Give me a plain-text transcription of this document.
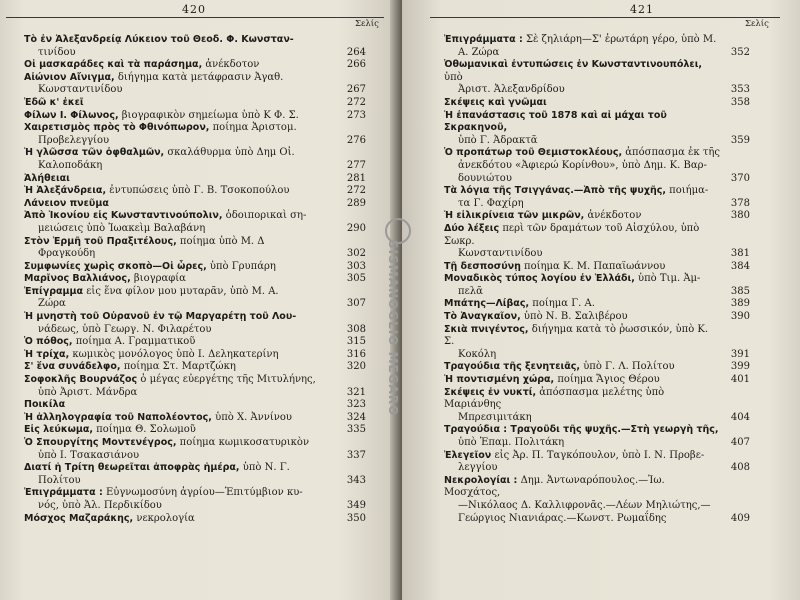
420
Σελίς
Τὸ ἐν Ἀλεξανδρείᾳ Λύκειον τοῦ Θεοδ. Φ. Κωνσταν-
τινίδου	264
Οἱ μασκαράδες καὶ τὰ παράσημα, ἀνέκδοτον	266
Αἰώνιον Αἴνιγμα, διήγημα κατὰ μετάφρασιν Ἀγαθ.
Κωνσταντινίδου	267
Ἐδῶ κ' ἐκεῖ	272
Φίλων Ι. Φίλωνος, βιογραφικὸν σημείωμα ὑπὸ Κ Φ. Σ.	273
Χαιρετισμὸς πρὸς τὸ Φθινόπωρον, ποίημα Ἀριστομ.
Προβελεγγίου	276
Ἡ γλῶσσα τῶν ὀφθαλμῶν, σκαλάθυρμα ὑπὸ Δημ Οἰ.
Καλοποδάκη	277
Ἀλήθειαι	281
Ἡ Ἀλεξάνδρεια, ἐντυπώσεις ὑπὸ Γ. Β. Τσοκοπούλου	272
Λάνειον πνεῦμα	289
Ἀπὸ Ἰκονίου εἰς Κωνσταντινούπολιν, ὁδοιπορικαὶ ση-
μειώσεις ὑπὸ Ἰωακεὶμ Βαλαβάνη	290
Στὸν Ἑρμῆ τοῦ Πραξιτέλους, ποίημα ὑπὸ Μ. Δ
Φραγκούδη	302
Συμφωνίες χωρὶς σκοπὸ—Οἱ ὧρες, ὑπὸ Γρυπάρη	303
Μαρῖνος Βαλλιάνος, βιογραφία	305
Ἐπίγραμμα εἰς ἕνα φίλον μου μυταρᾶν, ὑπὸ Μ. Α.
Ζώρα	307
Ἡ μνηστὴ τοῦ Οὐρανοῦ ἐν τῷ Μαργαρέτῃ τοῦ Λου-
νάδεως, ὑπὸ Γεωργ. Ν. Φιλαρέτου	308
Ὁ πόθος, ποίημα Α. Γραμματικοῦ	315
Ἡ τρίχα, κωμικὸς μονόλογος ὑπὸ Ι. Δεληκατερίνη	316
Σ' ἕνα συνάδελφο, ποίημα Στ. Μαρτζώκη	320
Σοφοκλῆς Βουρνάζος ὁ μέγας εὐεργέτης τῆς Μιτυλήνης,
ὑπὸ Ἀριστ. Μάνδρα	321
Ποικίλα	323
Ἡ ἀλληλογραφία τοῦ Ναπολέοντος, ὑπὸ Χ. Ἀννίνου	324
Εἰς λεύκωμα, ποίημα Θ. Σολωμοῦ	335
Ὁ Σπουργίτης Μοντενέγρος, ποίημα κωμικοσατυρικὸν
ὑπὸ Ι. Τσακασιάνου	337
Διατί ἡ Τρίτη θεωρεῖται ἀποφρὰς ἡμέρα, ὑπὸ Ν. Γ.
Πολίτου	343
Ἐπιγράμματα : Εὐγνωμοσύνη ἀγρίου—Ἐπιτύμβιον κυ-
νός, ὑπὸ Ἀλ. Περδικίδου	349
Μόσχος Μαζαράκης, νεκρολογία	350
421
Σελίς
Ἐπιγράμματα : Σὲ ζηλιάρη—Σ' ἐρωτάρη γέρο, ὑπὸ Μ.
Α. Ζώρα	352
Ὀθωμανικαὶ ἐντυπώσεις ἐν Κωνσταντινουπόλει, ὑπὸ
Ἀριστ. Ἀλεξανδρίδου	353
Σκέψεις καὶ γνῶμαι	358
Ἡ ἐπανάστασις τοῦ 1878 καὶ αἱ μάχαι τοῦ Σκρακηνοῦ,
ὑπὸ Γ. Ἀδρακτᾶ	359
Ὁ προπάτωρ τοῦ Θεμιστοκλέους, ἀπόσπασμα ἐκ τῆς
ἀνεκδότου «Ἀφιερώ Κορίνθου», ὑπὸ Δημ. Κ. Βαρ-
δουνιώτου	370
Τὰ λόγια τῆς Τσιγγάνας.—Ἀπὸ τῆς ψυχῆς, ποιήμα-
τα Γ. Φαχίρη	378
Ἡ εἰλικρίνεια τῶν μικρῶν, ἀνέκδοτον	380
Δύο λέξεις περὶ τῶν δραμάτων τοῦ Αἰσχύλου, ὑπὸ Σωκρ.
Κωνσταντινίδου	381
Τῇ δεσποσύνῃ ποίημα Κ. Μ. Παπαϊωάννου	384
Μοναδικὸς τύπος λογίου ἐν Ἑλλάδι, ὑπὸ Τιμ. Ἀμ-
πελᾶ	385
Μπάτης—Λίβας, ποίημα Γ. Α.	389
Τὸ Ἀναγκαῖον, ὑπὸ Ν. Β. Σαλιβέρου	390
Σκιὰ πνιγέντος, διήγημα κατὰ τὸ ῥωσσικόν, ὑπὸ Κ. Σ.
Κοκόλη	391
Τραγούδια τῆς ξενητειᾶς, ὑπὸ Γ. Λ. Πολίτου	399
Ἡ ποντισμένη χώρα, ποίημα Ἄγιος Θέρου	401
Σκέψεις ἐν νυκτί, ἀπόσπασμα μελέτης ὑπὸ Μαριάνθης
Μπρεσιμιτάκη	404
Τραγούδια : Τραγοῦδι τῆς ψυχῆς.—Στὴ γεωργὴ τῆς,
ὑπὸ Ἐπαμ. Πολιτάκη	407
Ἐλεγεῖον εἰς Ἀρ. Π. Ταγκόπουλον, ὑπὸ Ι. Ν. Προβε-
λεγγίου	408
Νεκρολογίαι : Δημ. Ἀντωναρόπουλος.—Ἰω. Μοσχάτος,
—Νικόλαος Δ. Καλλιφρονᾶς.—Λέων Μηλιώτης,—
Γεώργιος Νιανιάρας.—Κωνστ. Ρωμαΐδης	409
SISMANOGLIO MEGARO
